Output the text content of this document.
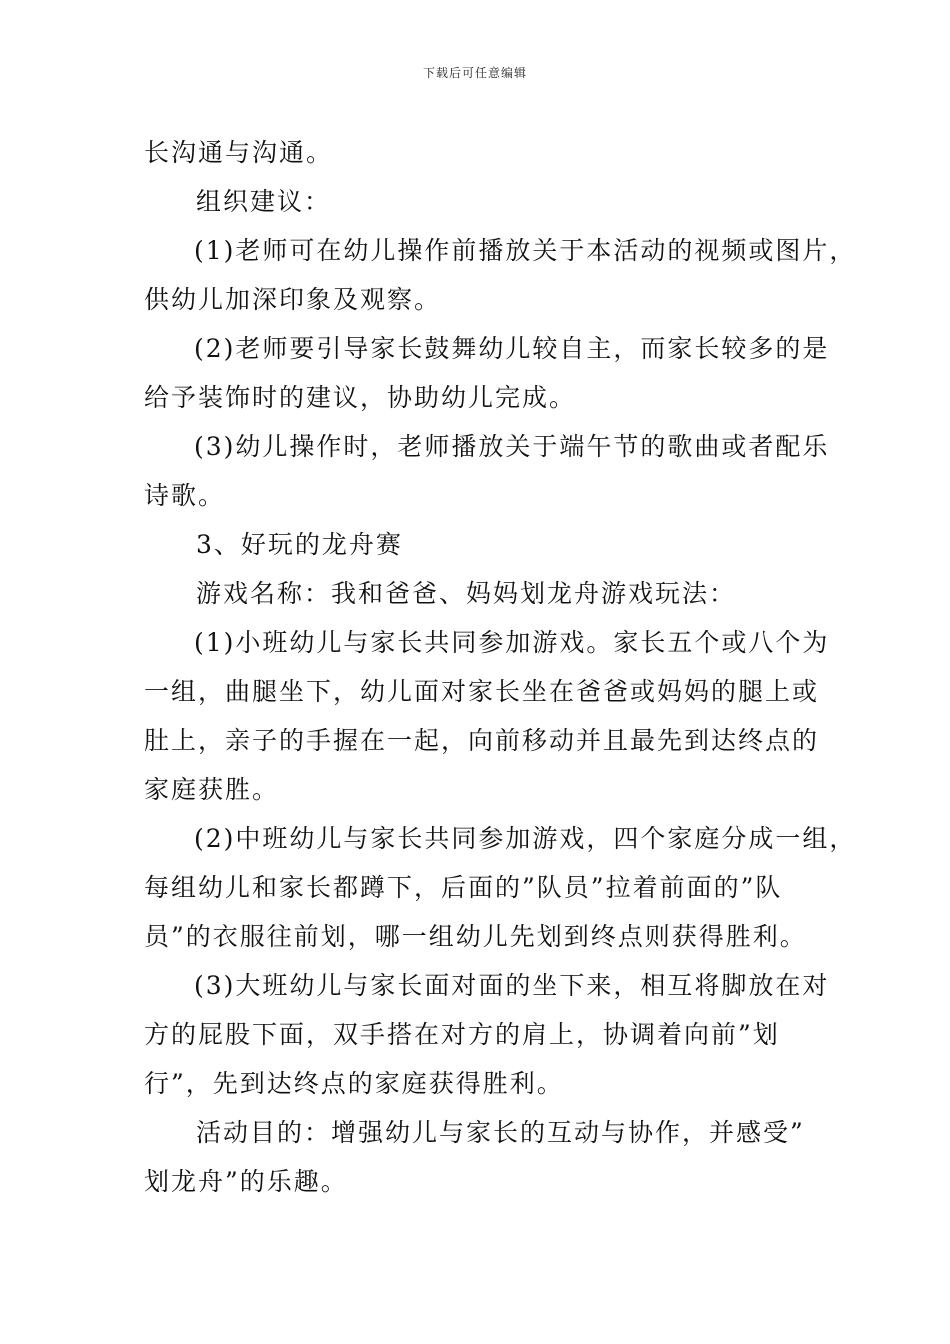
下载后可任意编辑
长沟通与沟通。
组织建议：
(1)老师可在幼儿操作前播放关于本活动的视频或图片，
供幼儿加深印象及观察。
(2)老师要引导家长鼓舞幼儿较自主，而家长较多的是
给予装饰时的建议，协助幼儿完成。
(3)幼儿操作时，老师播放关于端午节的歌曲或者配乐
诗歌。
3、好玩的龙舟赛
游戏名称：我和爸爸、妈妈划龙舟游戏玩法：
(1)小班幼儿与家长共同参加游戏。家长五个或八个为
一组，曲腿坐下，幼儿面对家长坐在爸爸或妈妈的腿上或
肚上，亲子的手握在一起，向前移动并且最先到达终点的
家庭获胜。
(2)中班幼儿与家长共同参加游戏，四个家庭分成一组，
每组幼儿和家长都蹲下，后面的”队员”拉着前面的”队
员”的衣服往前划，哪一组幼儿先划到终点则获得胜利。
(3)大班幼儿与家长面对面的坐下来，相互将脚放在对
方的屁股下面，双手搭在对方的肩上，协调着向前”划
行”，先到达终点的家庭获得胜利。
活动目的：增强幼儿与家长的互动与协作，并感受”
划龙舟”的乐趣。
